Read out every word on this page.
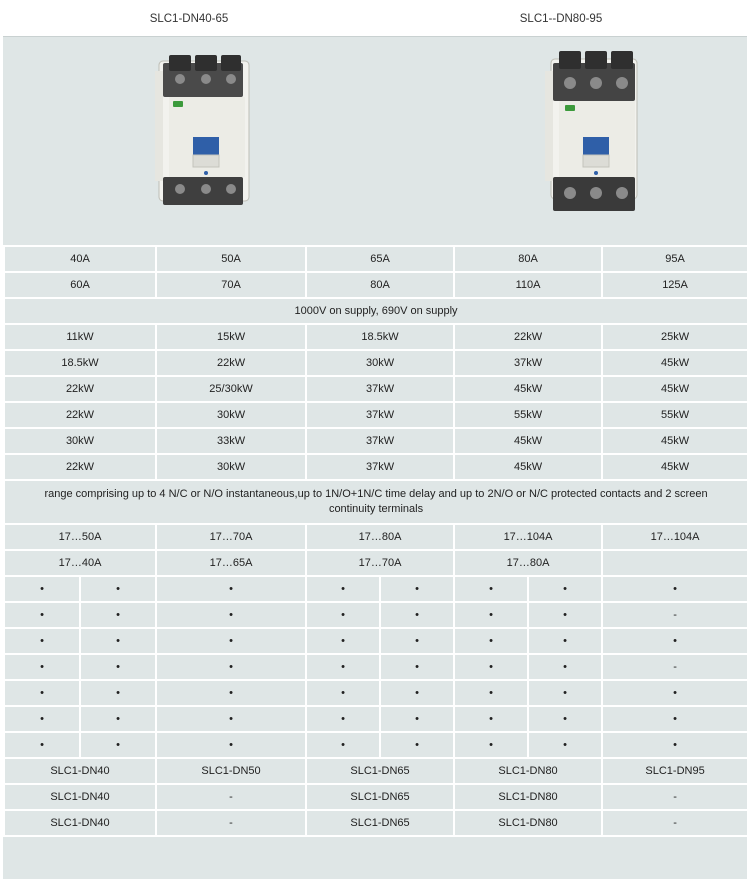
SLC1-DN40-65	SLC1--DN80-95
40A		50A	65A		80A		95A
60A		70A	80A		110A		125A
1000V on supply, 690V on supply							
11kW		15kW	18.5kW		22kW		25kW
18.5kW		22kW	30kW		37kW		45kW
22kW		25/30kW	37kW		45kW		45kW
22kW		30kW	37kW		55kW		55kW
30kW		33kW	37kW		45kW		45kW
22kW		30kW	37kW		45kW		45kW
range comprising up to 4 N/C or N/O instantaneous,up to 1N/O+1N/C time delay and up to 2N/O or N/C protected contacts and 2 screen continuity terminals							
17…50A		17…70A	17…80A		17…104A		17…104A
17…40A		17…65A	17…70A		17…80A		
•	•	•	•	•	•	•	•
•	•	•	•	•	•	•	-
•	•	•	•	•	•	•	•
•	•	•	•	•	•	•	-
•	•	•	•	•	•	•	•
•	•	•	•	•	•	•	•
•	•	•	•	•	•	•	•
SLC1-DN40		SLC1-DN50	SLC1-DN65		SLC1-DN80		SLC1-DN95
SLC1-DN40		-	SLC1-DN65		SLC1-DN80		-
SLC1-DN40		-	SLC1-DN65		SLC1-DN80		-
